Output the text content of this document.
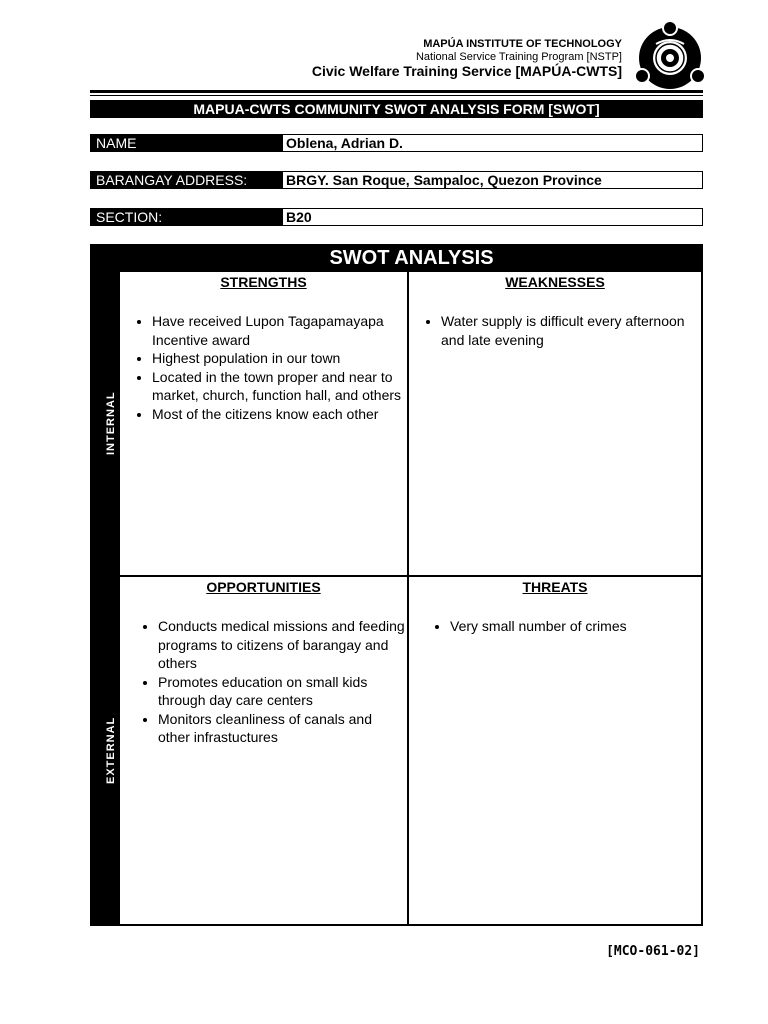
MAPÚA INSTITUTE OF TECHNOLOGY
National Service Training Program [NSTP]
Civic Welfare Training Service [MAPÚA-CWTS]
MAPUA-CWTS COMMUNITY SWOT ANALYSIS FORM [SWOT]
NAME	Oblena, Adrian D.
BARANGAY ADDRESS:	BRGY. San Roque, Sampaloc, Quezon Province
SECTION:	B20
SWOT ANALYSIS
INTERNAL
EXTERNAL
STRENGTHS
• Have received Lupon Tagapamayapa Incentive award
• Highest population in our town
• Located in the town proper and near to market, church, function hall, and others
• Most of the citizens know each other
WEAKNESSES
• Water supply is difficult every afternoon and late evening
OPPORTUNITIES
• Conducts medical missions and feeding programs to citizens of barangay and others
• Promotes education on small kids through day care centers
• Monitors cleanliness of canals and other infrastuctures
THREATS
• Very small number of crimes
[MCO-061-02]
